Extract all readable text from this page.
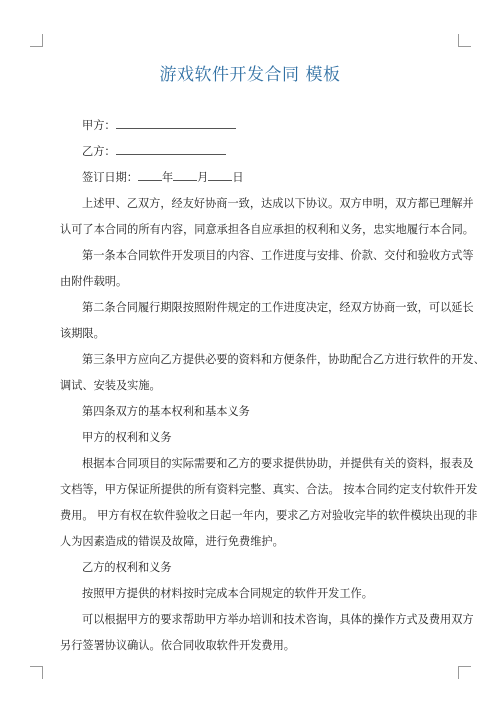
游戏软件开发合同 模板
甲方：
乙方：
签订日期： 年 月 日
上述甲、乙双方，经友好协商一致，达成以下协议。双方申明，双方都已理解并
认可了本合同的所有内容，同意承担各自应承担的权利和义务，忠实地履行本合同。
第一条本合同软件开发项目的内容、工作进度与安排、价款、交付和验收方式等
由附件载明。
第二条合同履行期限按照附件规定的工作进度决定，经双方协商一致，可以延长
该期限。
第三条甲方应向乙方提供必要的资料和方便条件，协助配合乙方进行软件的开发、
调试、安装及实施。
第四条双方的基本权利和基本义务
甲方的权利和义务
根据本合同项目的实际需要和乙方的要求提供协助，并提供有关的资料，报表及
文档等，甲方保证所提供的所有资料完整、真实、合法。 按本合同约定支付软件开发
费用。 甲方有权在软件验收之日起一年内，要求乙方对验收完毕的软件模块出现的非
人为因素造成的错误及故障，进行免费维护。
乙方的权利和义务
按照甲方提供的材料按时完成本合同规定的软件开发工作。
可以根据甲方的要求帮助甲方举办培训和技术咨询，具体的操作方式及费用双方
另行签署协议确认。依合同收取软件开发费用。
